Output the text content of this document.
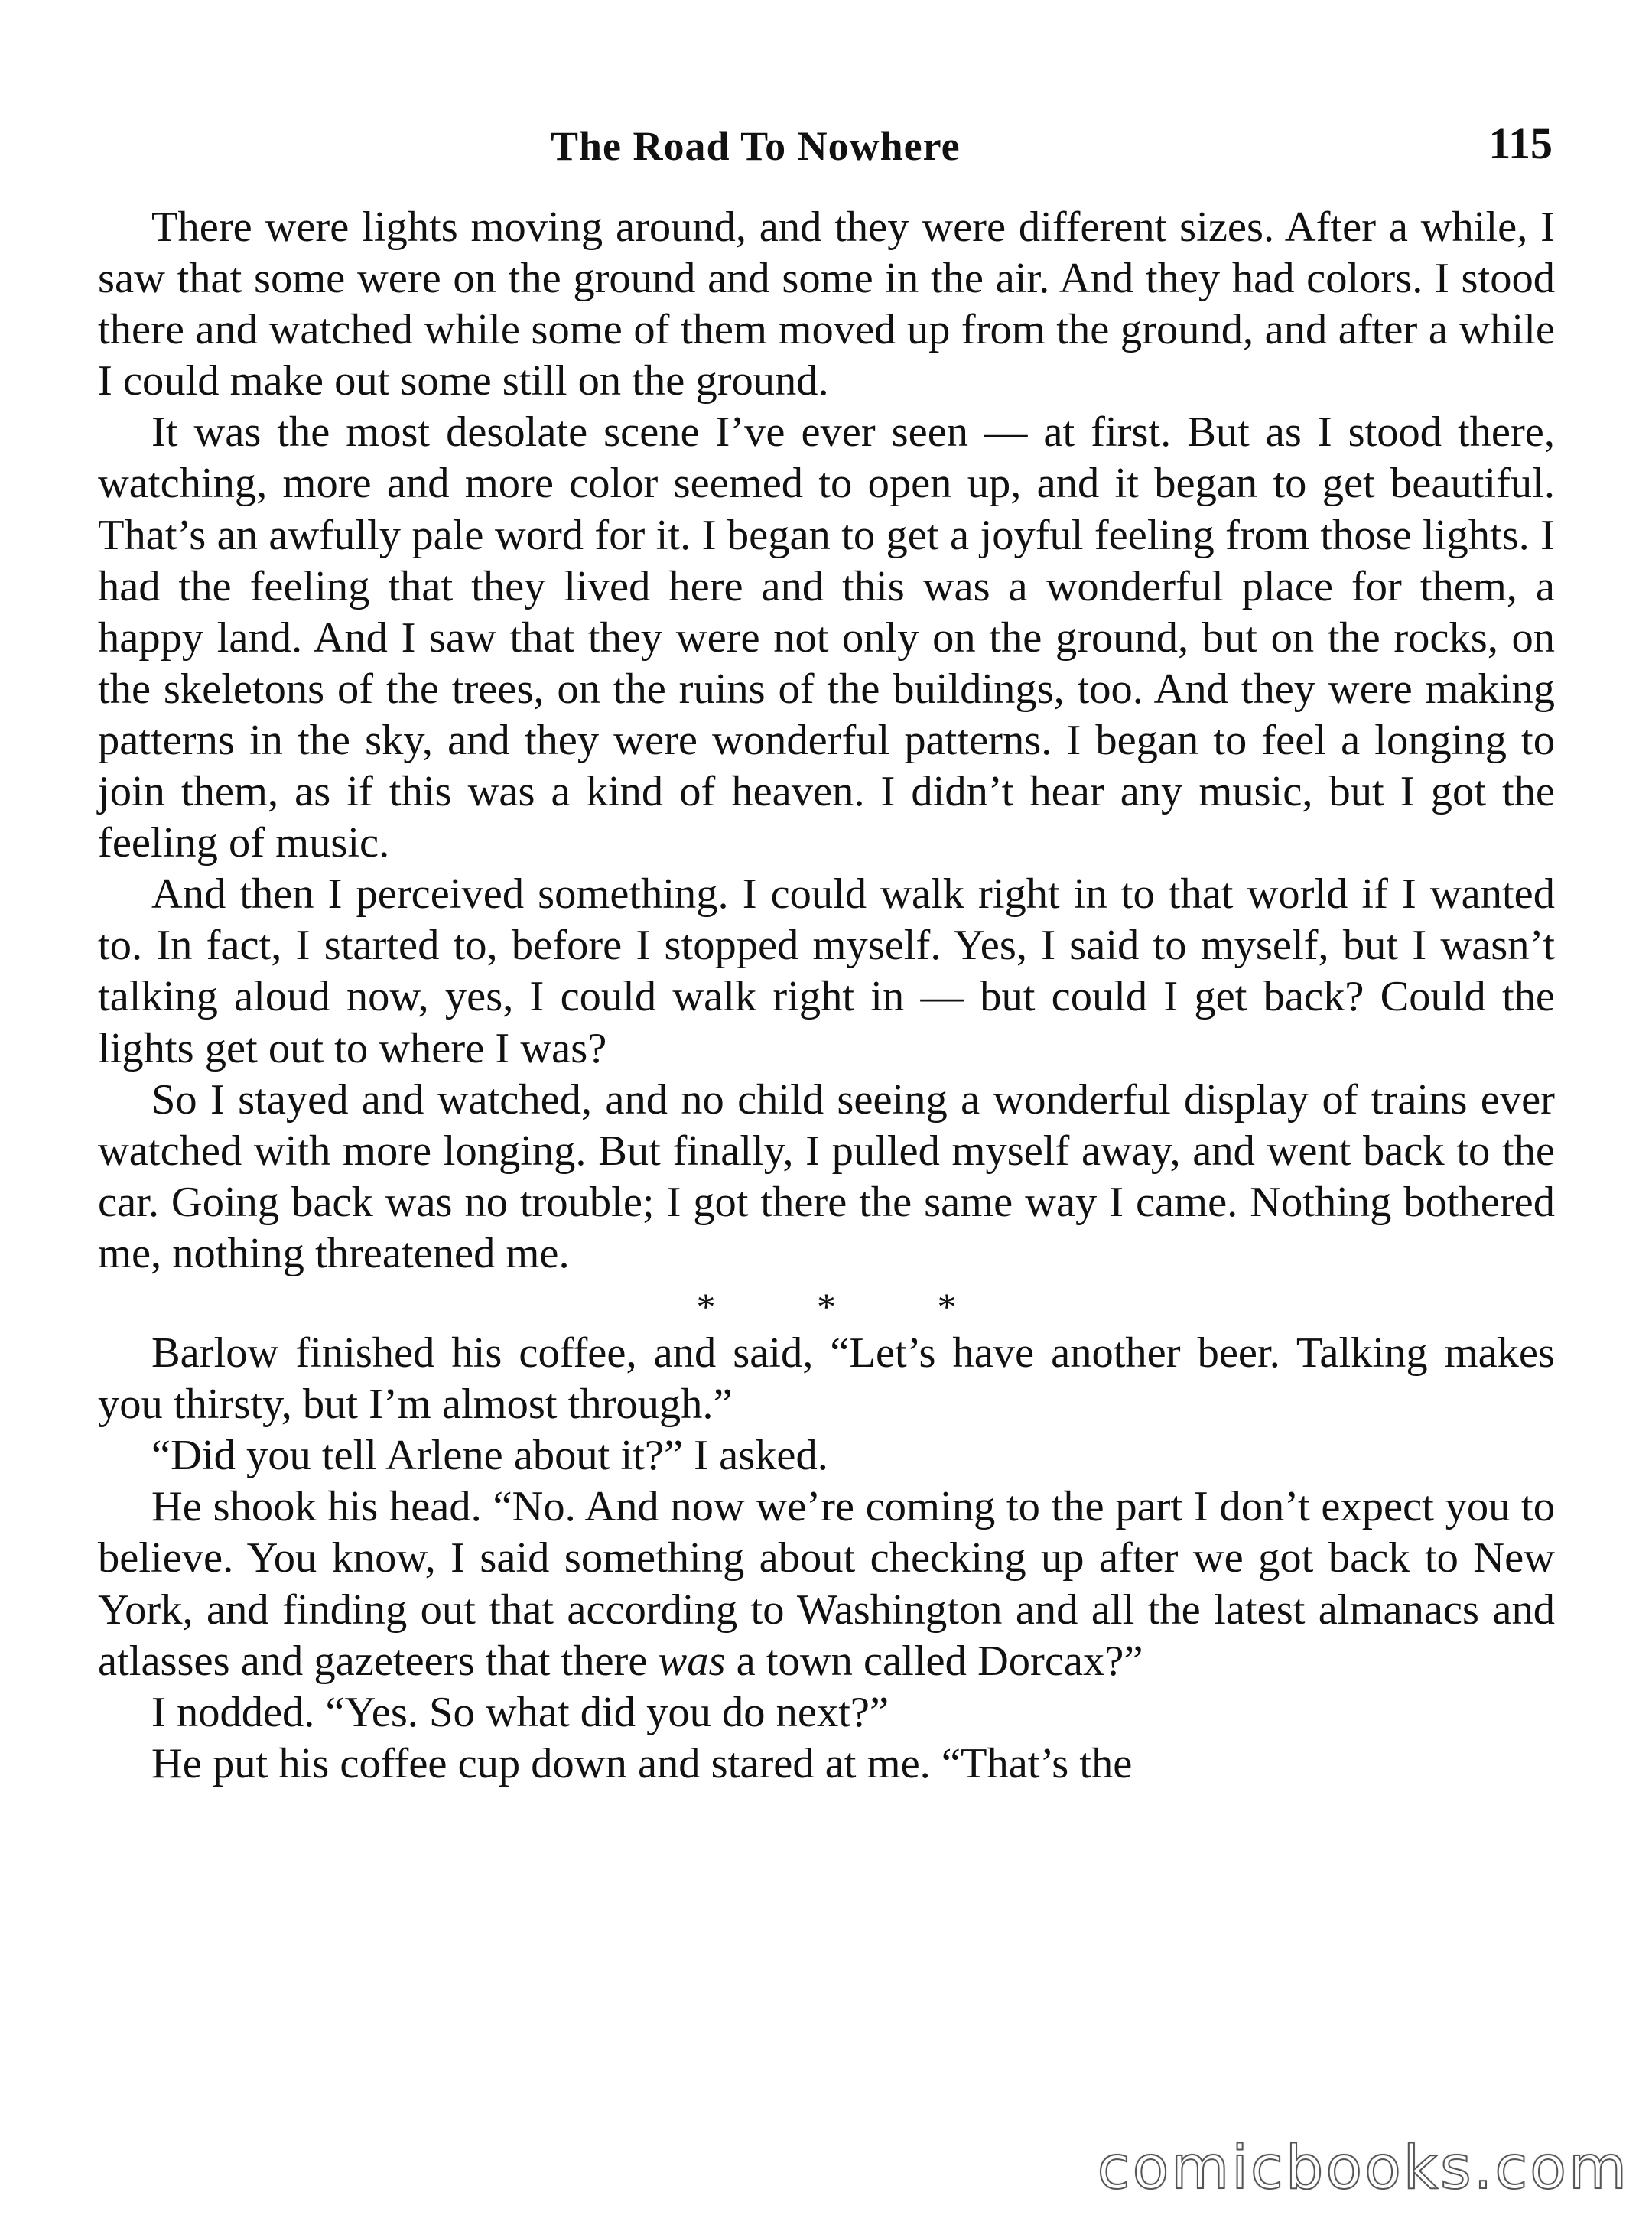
The Road To Nowhere	115

There were lights moving around, and they were different sizes. After a while, I saw that some were on the ground and some in the air. And they had colors. I stood there and watched while some of them moved up from the ground, and after a while I could make out some still on the ground.

It was the most desolate scene I’ve ever seen — at first. But as I stood there, watching, more and more color seemed to open up, and it began to get beautiful. That’s an awfully pale word for it. I began to get a joyful feeling from those lights. I had the feeling that they lived here and this was a wonderful place for them, a happy land. And I saw that they were not only on the ground, but on the rocks, on the skeletons of the trees, on the ruins of the buildings, too. And they were making patterns in the sky, and they were wonderful patterns. I began to feel a longing to join them, as if this was a kind of heaven. I didn’t hear any music, but I got the feeling of music.

And then I perceived something. I could walk right in to that world if I wanted to. In fact, I started to, before I stopped myself. Yes, I said to myself, but I wasn’t talking aloud now, yes, I could walk right in — but could I get back? Could the lights get out to where I was?

So I stayed and watched, and no child seeing a wonderful display of trains ever watched with more longing. But finally, I pulled myself away, and went back to the car. Going back was no trouble; I got there the same way I came. Nothing bothered me, nothing threatened me.

* * *

Barlow finished his coffee, and said, “Let’s have another beer. Talking makes you thirsty, but I’m almost through.”

“Did you tell Arlene about it?” I asked.

He shook his head. “No. And now we’re coming to the part I don’t expect you to believe. You know, I said something about checking up after we got back to New York, and finding out that according to Washington and all the latest almanacs and atlasses and gazeteers that there was a town called Dorcax?”

I nodded. “Yes. So what did you do next?”

He put his coffee cup down and stared at me. “That’s the

comicbooks.com
